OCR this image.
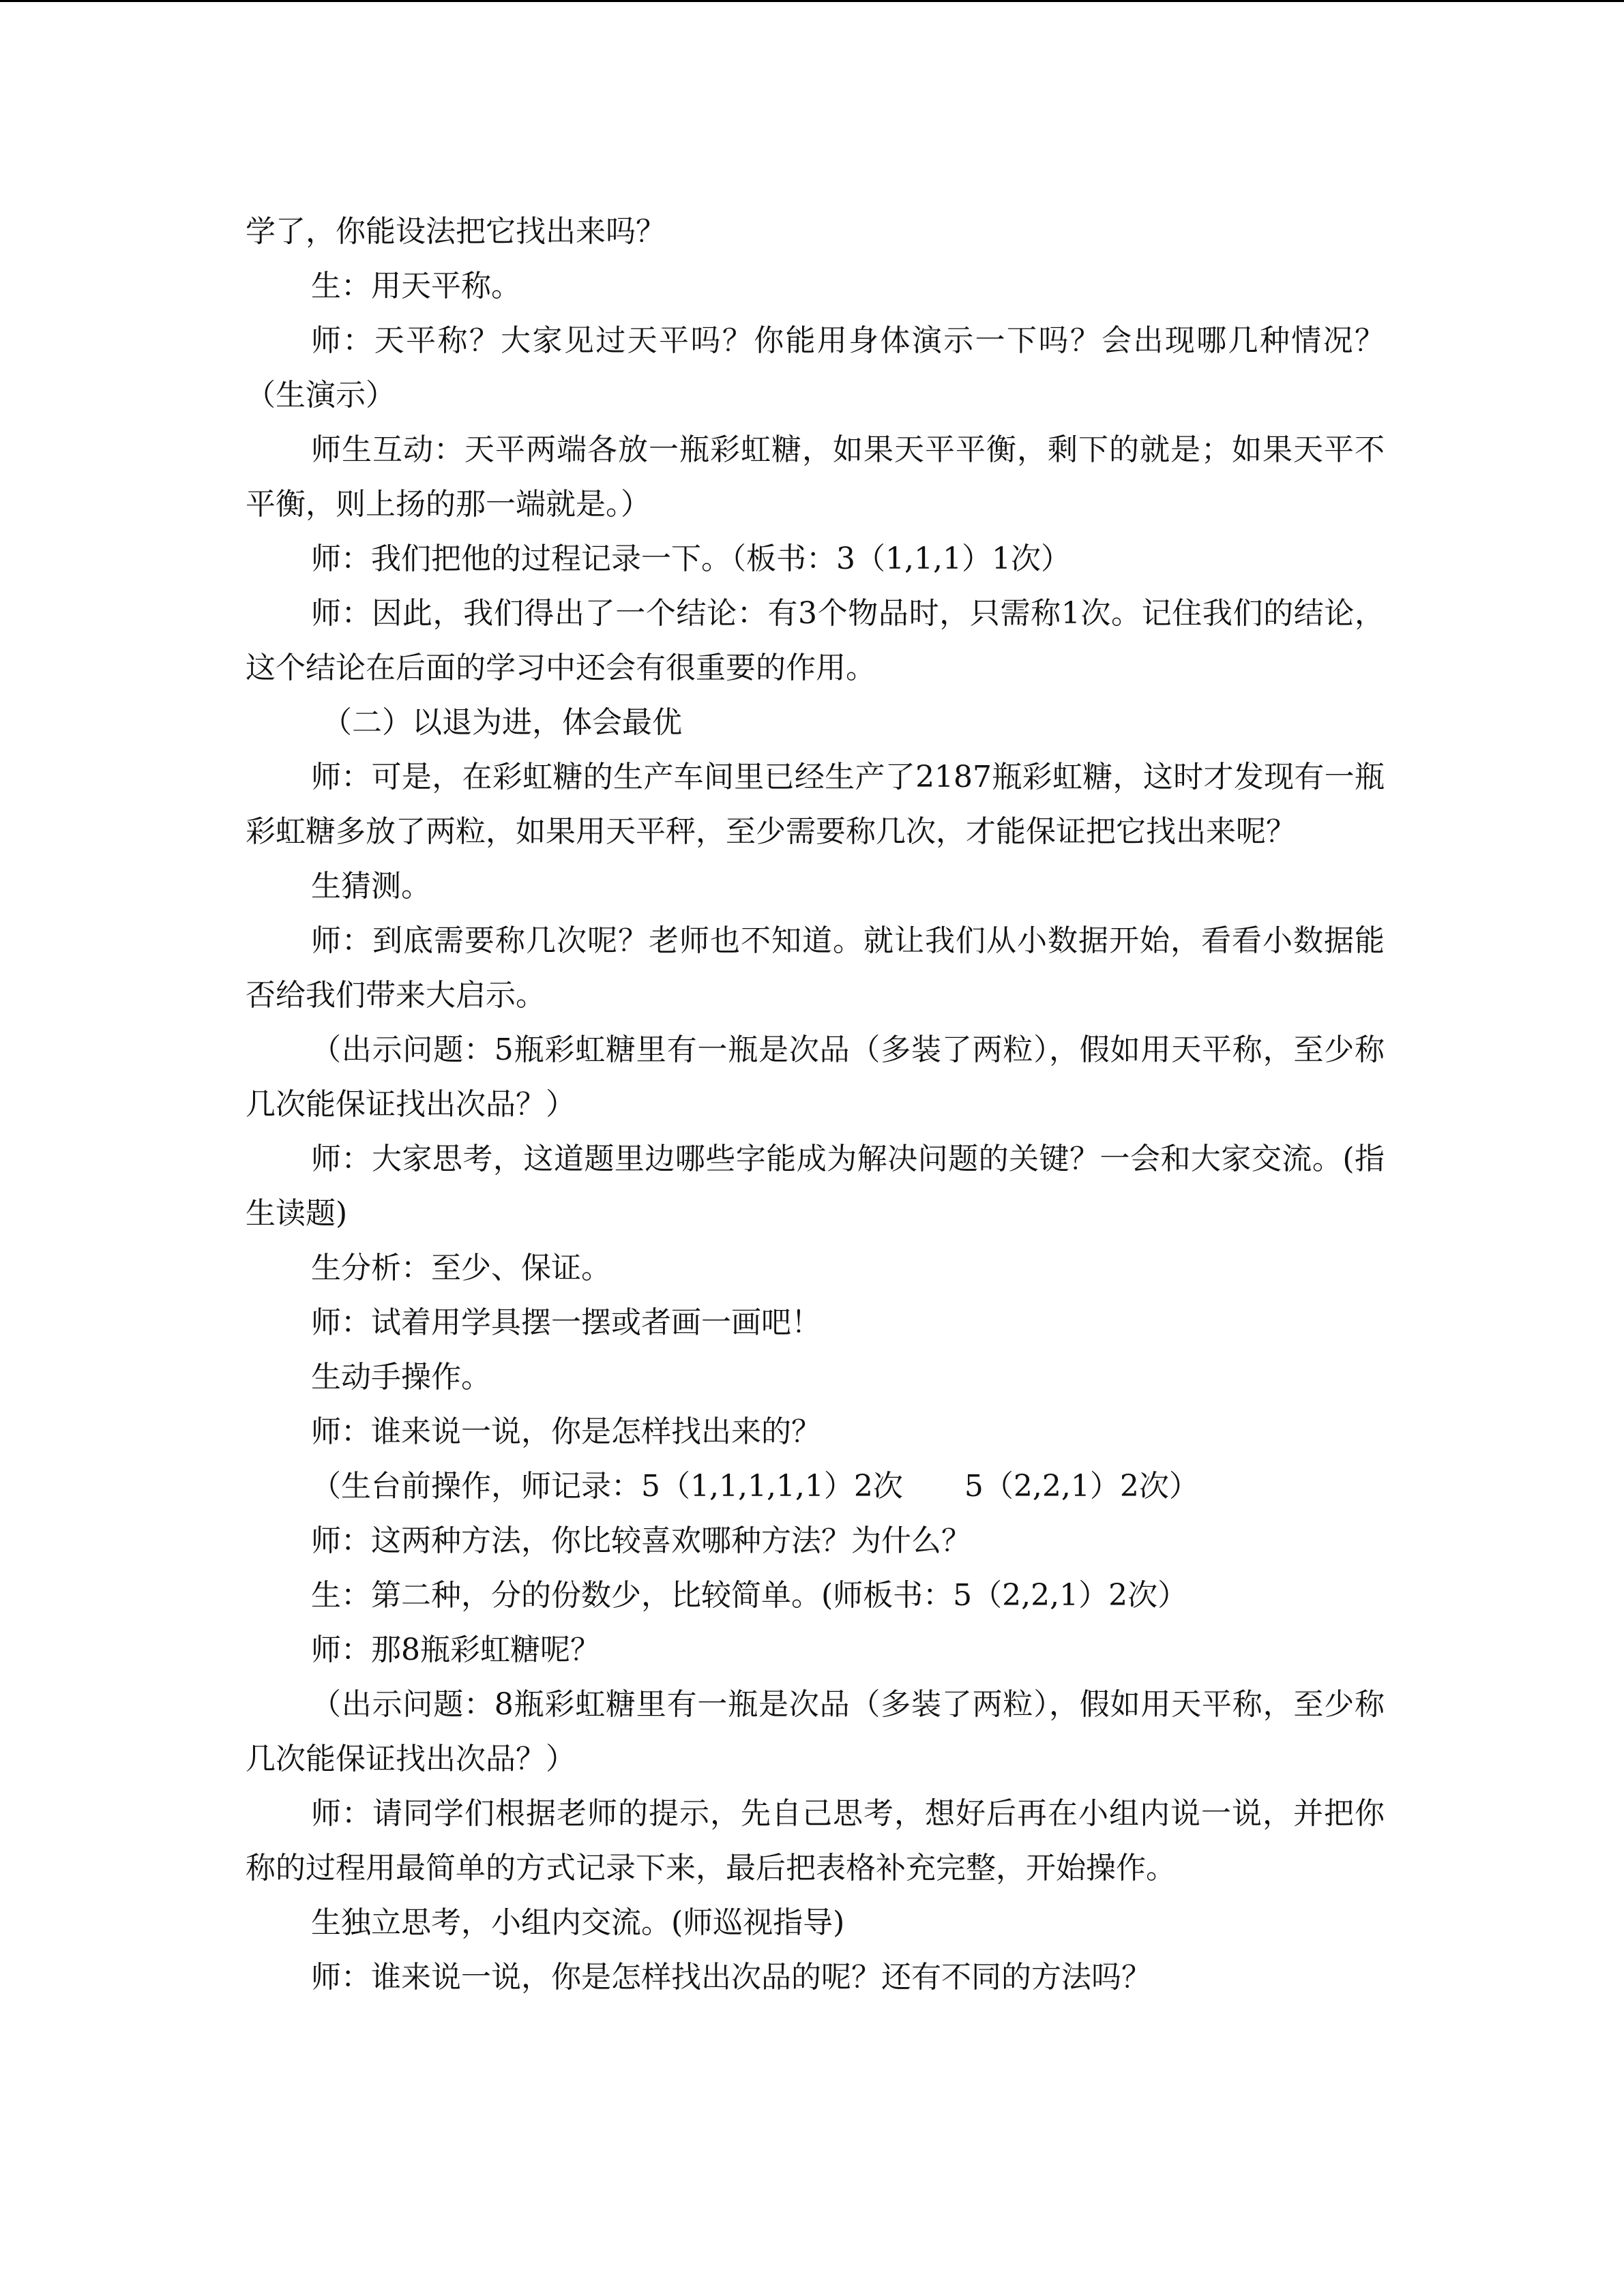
学了，你能设法把它找出来吗？

生：用天平称。

师：天平称？大家见过天平吗？你能用身体演示一下吗？会出现哪几种情况？（生演示）

师生互动：天平两端各放一瓶彩虹糖，如果天平平衡，剩下的就是；如果天平不平衡，则上扬的那一端就是。）

师：我们把他的过程记录一下。（板书：3（1,1,1）1次）

师：因此，我们得出了一个结论：有3个物品时，只需称1次。记住我们的结论，这个结论在后面的学习中还会有很重要的作用。

（二）以退为进，体会最优

师：可是，在彩虹糖的生产车间里已经生产了2187瓶彩虹糖，这时才发现有一瓶彩虹糖多放了两粒，如果用天平秤，至少需要称几次，才能保证把它找出来呢？

生猜测。

师：到底需要称几次呢？老师也不知道。就让我们从小数据开始，看看小数据能否给我们带来大启示。

（出示问题：5瓶彩虹糖里有一瓶是次品（多装了两粒），假如用天平称，至少称几次能保证找出次品？）

师：大家思考，这道题里边哪些字能成为解决问题的关键？一会和大家交流。(指生读题)

生分析：至少、保证。

师：试着用学具摆一摆或者画一画吧！

生动手操作。

师：谁来说一说，你是怎样找出来的？

（生台前操作，师记录：5（1,1,1,1,1）2次 5（2,2,1）2次）

师：这两种方法，你比较喜欢哪种方法？为什么？

生：第二种，分的份数少，比较简单。(师板书：5（2,2,1）2次）

师：那8瓶彩虹糖呢？

（出示问题：8瓶彩虹糖里有一瓶是次品（多装了两粒），假如用天平称，至少称几次能保证找出次品？）

师：请同学们根据老师的提示，先自己思考，想好后再在小组内说一说，并把你称的过程用最简单的方式记录下来，最后把表格补充完整，开始操作。

生独立思考，小组内交流。(师巡视指导)

师：谁来说一说，你是怎样找出次品的呢？还有不同的方法吗？
